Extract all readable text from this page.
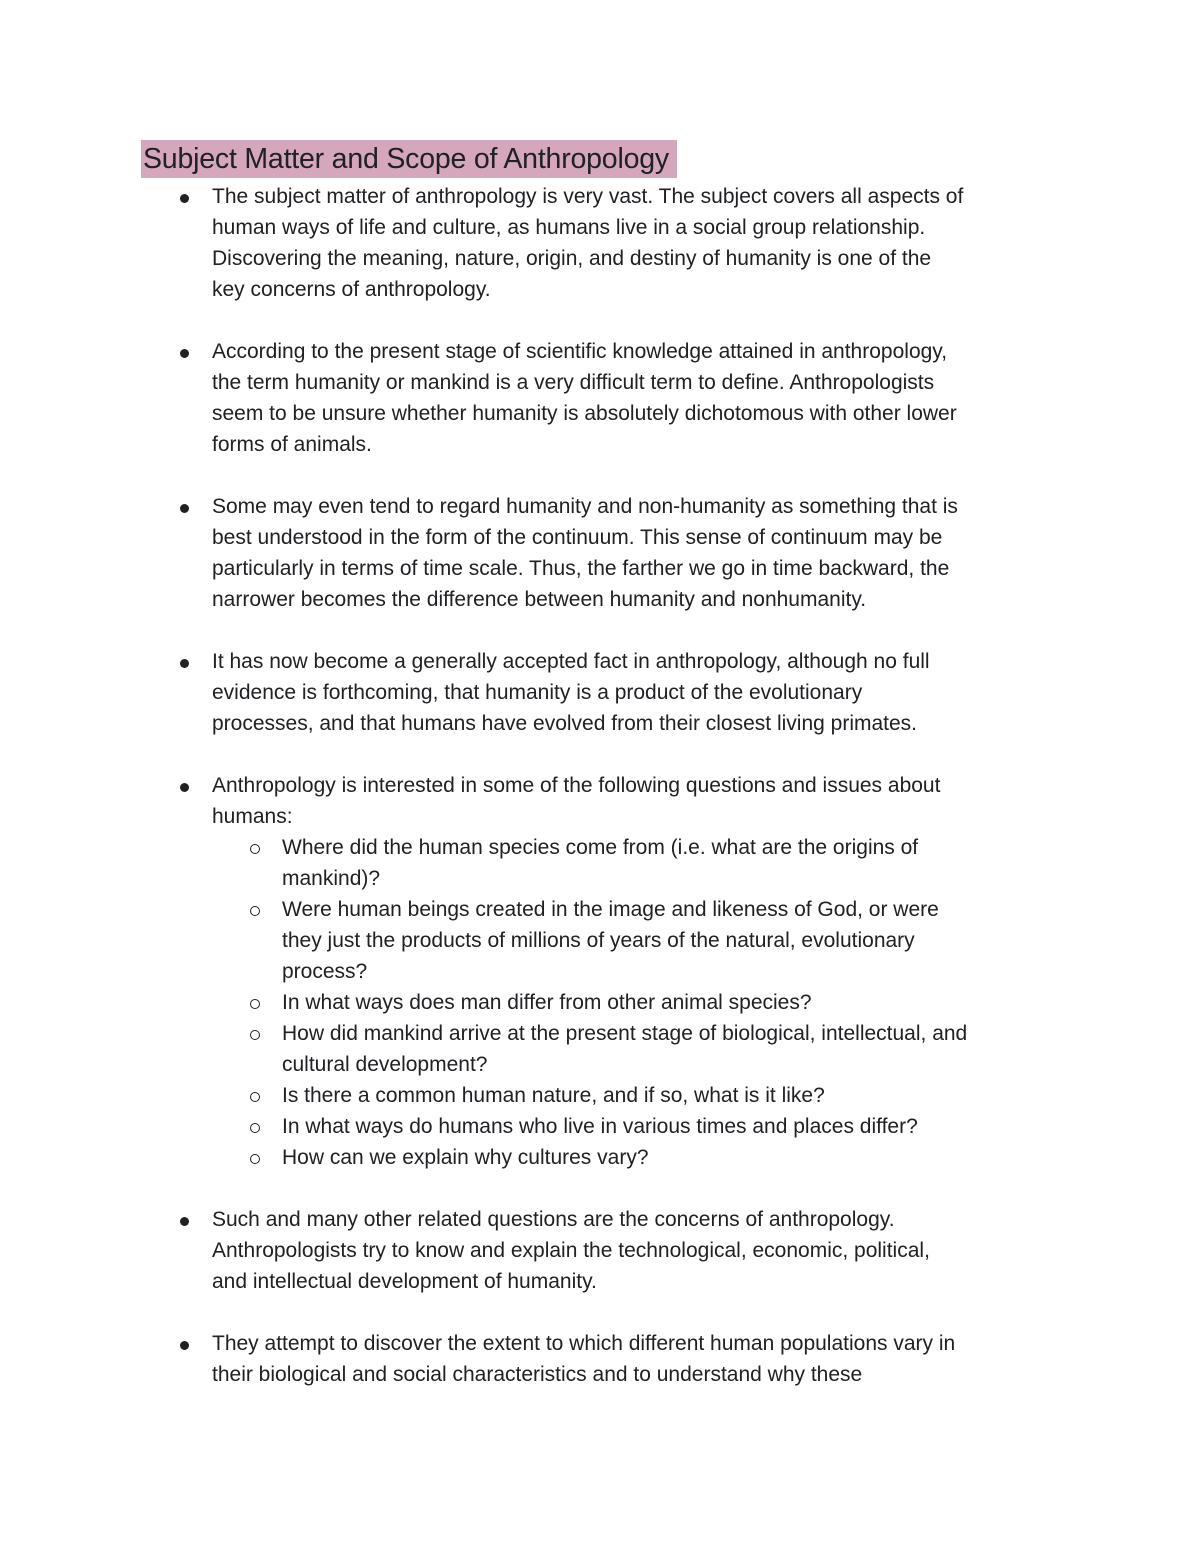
Subject Matter and Scope of Anthropology
The subject matter of anthropology is very vast. The subject covers all aspects of
human ways of life and culture, as humans live in a social group relationship.
Discovering the meaning, nature, origin, and destiny of humanity is one of the
key concerns of anthropology.
According to the present stage of scientific knowledge attained in anthropology,
the term humanity or mankind is a very difficult term to define. Anthropologists
seem to be unsure whether humanity is absolutely dichotomous with other lower
forms of animals.
Some may even tend to regard humanity and non-humanity as something that is
best understood in the form of the continuum. This sense of continuum may be
particularly in terms of time scale. Thus, the farther we go in time backward, the
narrower becomes the difference between humanity and nonhumanity.
It has now become a generally accepted fact in anthropology, although no full
evidence is forthcoming, that humanity is a product of the evolutionary
processes, and that humans have evolved from their closest living primates.
Anthropology is interested in some of the following questions and issues about
humans:
Where did the human species come from (i.e. what are the origins of
mankind)?
Were human beings created in the image and likeness of God, or were
they just the products of millions of years of the natural, evolutionary
process?
In what ways does man differ from other animal species?
How did mankind arrive at the present stage of biological, intellectual, and
cultural development?
Is there a common human nature, and if so, what is it like?
In what ways do humans who live in various times and places differ?
How can we explain why cultures vary?
Such and many other related questions are the concerns of anthropology.
Anthropologists try to know and explain the technological, economic, political,
and intellectual development of humanity.
They attempt to discover the extent to which different human populations vary in
their biological and social characteristics and to understand why these
